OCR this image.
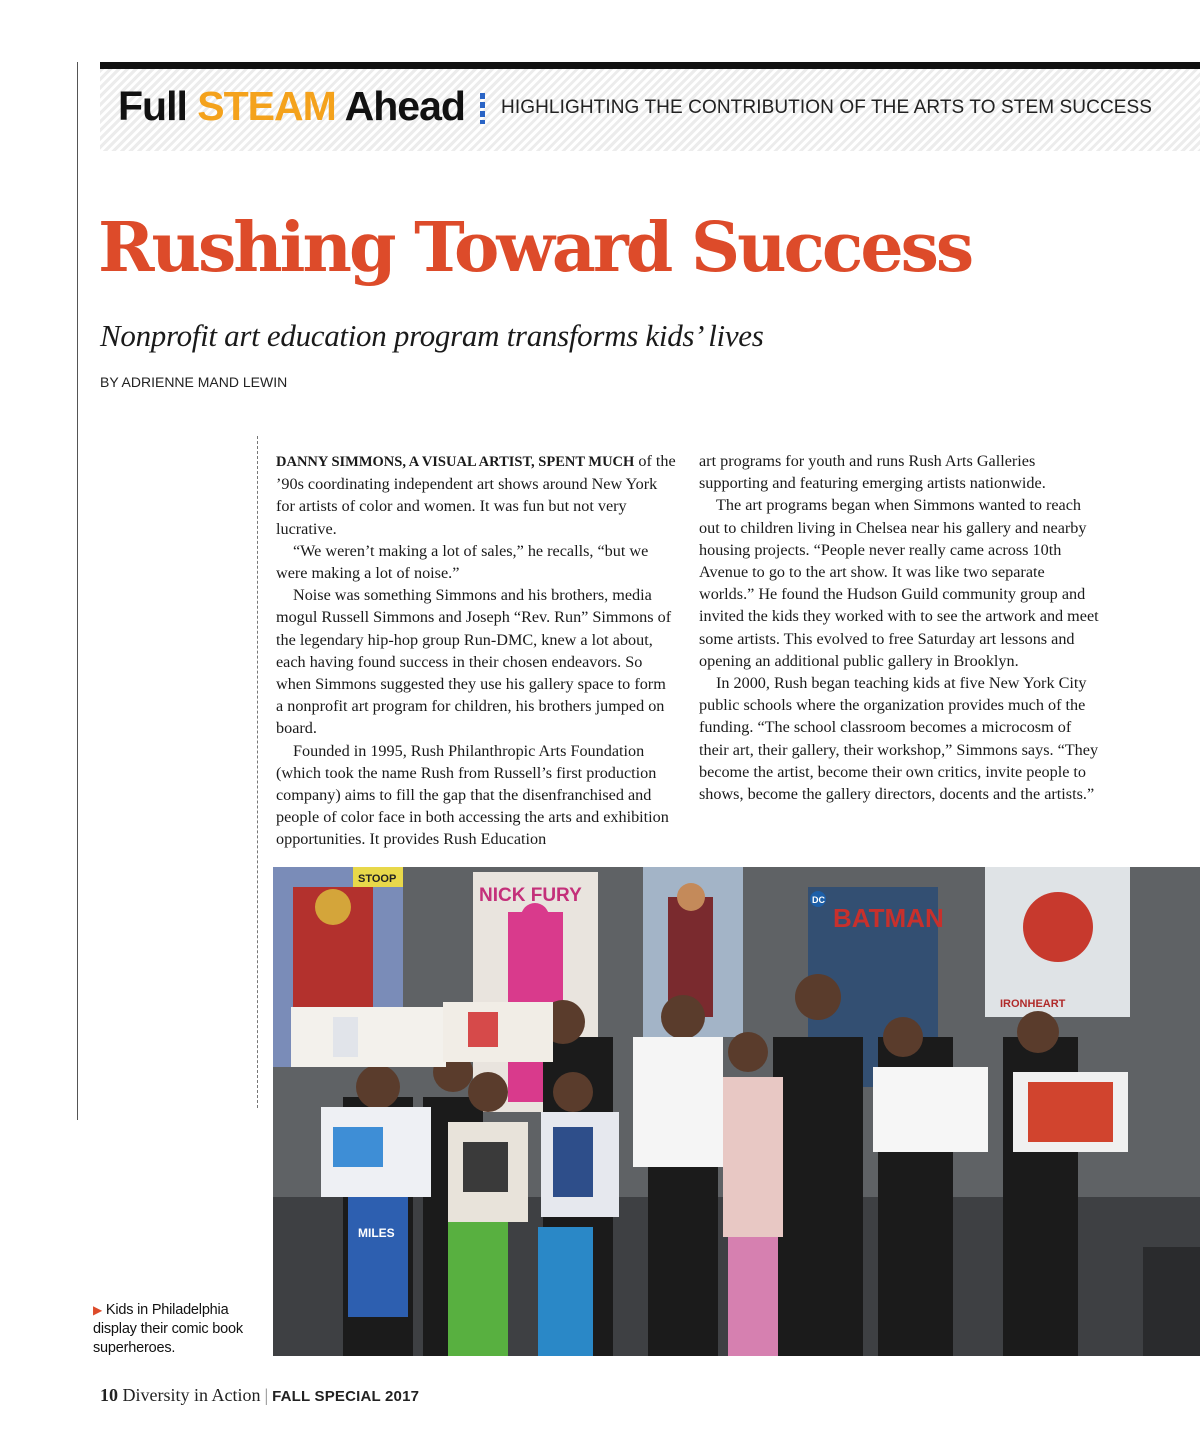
Full STEAM Ahead HIGHLIGHTING THE CONTRIBUTION OF THE ARTS TO STEM SUCCESS
Rushing Toward Success
Nonprofit art education program transforms kids’ lives
BY ADRIENNE MAND LEWIN

DANNY SIMMONS, A VISUAL ARTIST, SPENT MUCH of the ’90s coordinating independent art shows around New York for artists of color and women. It was fun but not very lucrative.

“We weren’t making a lot of sales,” he recalls, “but we were making a lot of noise.”

Noise was something Simmons and his brothers, media mogul Russell Simmons and Joseph “Rev. Run” Simmons of the legendary hip-hop group Run-DMC, knew a lot about, each having found success in their chosen endeavors. So when Simmons suggested they use his gallery space to form a nonprofit art program for children, his brothers jumped on board.

Founded in 1995, Rush Philanthropic Arts Foundation (which took the name Rush from Russell’s first production company) aims to fill the gap that the disenfranchised and people of color face in both accessing the arts and exhibition opportunities. It provides Rush Education

art programs for youth and runs Rush Arts Galleries supporting and featuring emerging artists nationwide.

The art programs began when Simmons wanted to reach out to children living in Chelsea near his gallery and nearby housing projects. “People never really came across 10th Avenue to go to the art show. It was like two separate worlds.” He found the Hudson Guild community group and invited the kids they worked with to see the artwork and meet some artists. This evolved to free Saturday art lessons and opening an additional public gallery in Brooklyn.

In 2000, Rush began teaching kids at five New York City public schools where the organization provides much of the funding. “The school classroom becomes a microcosm of their art, their gallery, their workshop,” Simmons says. “They become the artist, become their own critics, invite people to shows, become the gallery directors, docents and the artists.”

STOOP
NICK FURY
BATMAN
DC
IRONHEART
MILES
▶ Kids in Philadelphia display their comic book superheroes.
10 Diversity in Action | FALL SPECIAL 2017
